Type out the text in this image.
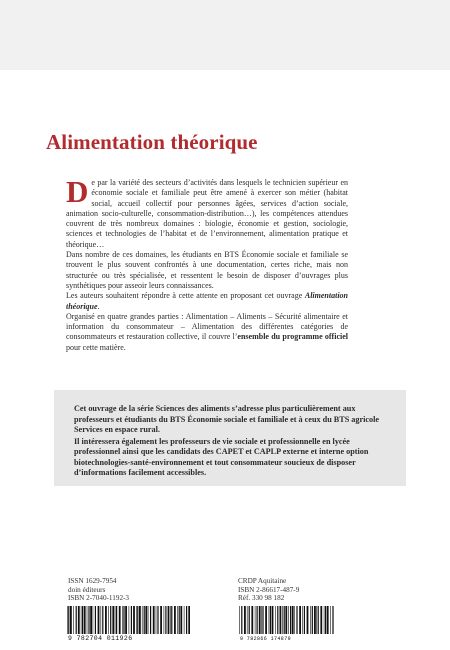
Alimentation théorique

De par la variété des secteurs d’activités dans lesquels le technicien supérieur en économie sociale et familiale peut être amené à exercer son métier (habitat social, accueil collectif pour personnes âgées, services d’action sociale, animation socio-culturelle, consommation-distribution…), les compétences attendues couvrent de très nombreux domaines : biologie, économie et gestion, sociologie, sciences et technologies de l’habitat et de l’environnement, alimentation pratique et théorique…

Dans nombre de ces domaines, les étudiants en BTS Économie sociale et familiale se trouvent le plus souvent confrontés à une documentation, certes riche, mais non structurée ou très spécialisée, et ressentent le besoin de disposer d’ouvrages plus synthétiques pour asseoir leurs connaissances.

Les auteurs souhaitent répondre à cette attente en proposant cet ouvrage Alimentation théorique.

Organisé en quatre grandes parties : Alimentation – Aliments – Sécurité alimentaire et information du consommateur – Alimentation des différentes catégories de consommateurs et restauration collective, il couvre l’ensemble du programme officiel pour cette matière.

Cet ouvrage de la série Sciences des aliments s’adresse plus particulièrement aux professeurs et étudiants du BTS Économie sociale et familiale et à ceux du BTS agricole Services en espace rural.

Il intéressera également les professeurs de vie sociale et professionnelle en lycée professionnel ainsi que les candidats des CAPET et CAPLP externe et interne option biotechnologies-santé-environnement et tout consommateur soucieux de disposer d’informations facilement accessibles.

ISSN 1629-7954
doin éditeurs
ISBN 2-7040-1192-3
CRDP Aquitaine
ISBN 2-86617-487-9
Réf. 330 98 182
9 782704 011926	9 782866 174879
